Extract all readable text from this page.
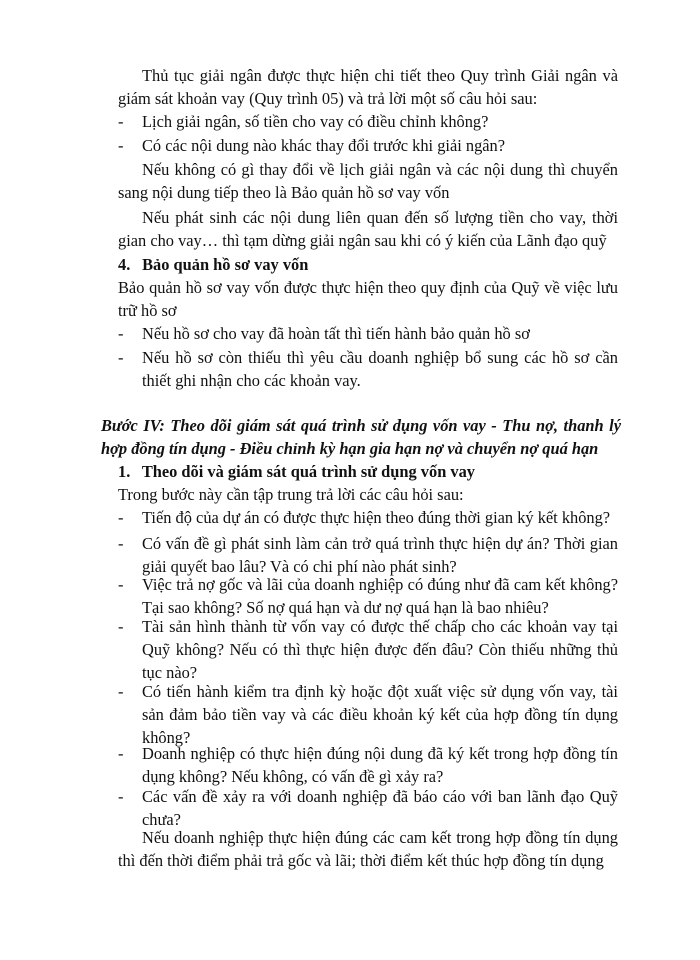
Thủ tục giải ngân được thực hiện chi tiết theo Quy trình Giải ngân và giám sát khoản vay (Quy trình 05) và trả lời một số câu hỏi sau:
- Lịch giải ngân, số tiền cho vay có điều chỉnh không?
- Có các nội dung nào khác thay đổi trước khi giải ngân?
Nếu không có gì thay đổi về lịch giải ngân và các nội dung thì chuyển sang nội dung tiếp theo là Bảo quản hồ sơ vay vốn
Nếu phát sinh các nội dung liên quan đến số lượng tiền cho vay, thời gian cho vay… thì tạm dừng giải ngân sau khi có ý kiến của Lãnh đạo quỹ
4. Bảo quản hồ sơ vay vốn
Bảo quản hồ sơ vay vốn được thực hiện theo quy định của Quỹ về việc lưu trữ hồ sơ
- Nếu hồ sơ cho vay đã hoàn tất thì tiến hành bảo quản hồ sơ
- Nếu hồ sơ còn thiếu thì yêu cầu doanh nghiệp bổ sung các hồ sơ cần thiết ghi nhận cho các khoản vay.
Bước IV: Theo dõi giám sát quá trình sử dụng vốn vay - Thu nợ, thanh lý hợp đồng tín dụng - Điều chỉnh kỳ hạn gia hạn nợ và chuyển nợ quá hạn
1. Theo dõi và giám sát quá trình sử dụng vốn vay
Trong bước này cần tập trung trả lời các câu hỏi sau:
- Tiến độ của dự án có được thực hiện theo đúng thời gian ký kết không?
- Có vấn đề gì phát sinh làm cản trở quá trình thực hiện dự án? Thời gian giải quyết bao lâu? Và có chi phí nào phát sinh?
- Việc trả nợ gốc và lãi của doanh nghiệp có đúng như đã cam kết không? Tại sao không? Số nợ quá hạn và dư nợ quá hạn là bao nhiêu?
- Tài sản hình thành từ vốn vay có được thế chấp cho các khoản vay tại Quỹ không? Nếu có thì thực hiện được đến đâu? Còn thiếu những thủ tục nào?
- Có tiến hành kiểm tra định kỳ hoặc đột xuất việc sử dụng vốn vay, tài sản đảm bảo tiền vay và các điều khoản ký kết của hợp đồng tín dụng không?
- Doanh nghiệp có thực hiện đúng nội dung đã ký kết trong hợp đồng tín dụng không? Nếu không, có vấn đề gì xảy ra?
- Các vấn đề xảy ra với doanh nghiệp đã báo cáo với ban lãnh đạo Quỹ chưa?
Nếu doanh nghiệp thực hiện đúng các cam kết trong hợp đồng tín dụng thì đến thời điểm phải trả gốc và lãi; thời điểm kết thúc hợp đồng tín dụng
